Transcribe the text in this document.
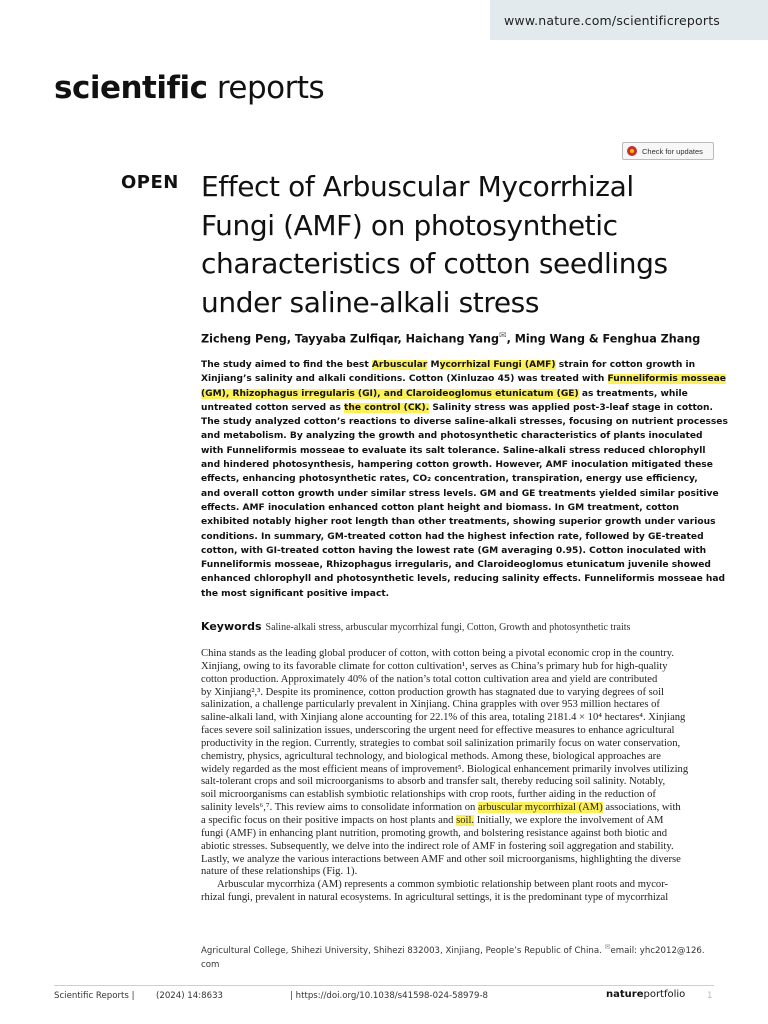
www.nature.com/scientificreports
scientific reports
Check for updates
OPEN Effect of Arbuscular Mycorrhizal
Fungi (AMF) on photosynthetic
characteristics of cotton seedlings
under saline-alkali stress
Zicheng Peng, Tayyaba Zulfiqar, Haichang Yang✉, Ming Wang & Fenghua Zhang
The study aimed to find the best Arbuscular Mycorrhizal Fungi (AMF) strain for cotton growth in
Xinjiang’s salinity and alkali conditions. Cotton (Xinluzao 45) was treated with Funneliformis mosseae
(GM), Rhizophagus irregularis (GI), and Claroideoglomus etunicatum (GE) as treatments, while
untreated cotton served as the control (CK). Salinity stress was applied post-3-leaf stage in cotton.
The study analyzed cotton’s reactions to diverse saline-alkali stresses, focusing on nutrient processes
and metabolism. By analyzing the growth and photosynthetic characteristics of plants inoculated
with Funneliformis mosseae to evaluate its salt tolerance. Saline-alkali stress reduced chlorophyll
and hindered photosynthesis, hampering cotton growth. However, AMF inoculation mitigated these
effects, enhancing photosynthetic rates, CO₂ concentration, transpiration, energy use efficiency,
and overall cotton growth under similar stress levels. GM and GE treatments yielded similar positive
effects. AMF inoculation enhanced cotton plant height and biomass. In GM treatment, cotton
exhibited notably higher root length than other treatments, showing superior growth under various
conditions. In summary, GM-treated cotton had the highest infection rate, followed by GE-treated
cotton, with GI-treated cotton having the lowest rate (GM averaging 0.95). Cotton inoculated with
Funneliformis mosseae, Rhizophagus irregularis, and Claroideoglomus etunicatum juvenile showed
enhanced chlorophyll and photosynthetic levels, reducing salinity effects. Funneliformis mosseae had
the most significant positive impact.
Keywords Saline-alkali stress, arbuscular mycorrhizal fungi, Cotton, Growth and photosynthetic traits
China stands as the leading global producer of cotton, with cotton being a pivotal economic crop in the country.
Xinjiang, owing to its favorable climate for cotton cultivation¹, serves as China’s primary hub for high-quality
cotton production. Approximately 40% of the nation’s total cotton cultivation area and yield are contributed
by Xinjiang²,³. Despite its prominence, cotton production growth has stagnated due to varying degrees of soil
salinization, a challenge particularly prevalent in Xinjiang. China grapples with over 953 million hectares of
saline-alkali land, with Xinjiang alone accounting for 22.1% of this area, totaling 2181.4 × 10⁴ hectares⁴. Xinjiang
faces severe soil salinization issues, underscoring the urgent need for effective measures to enhance agricultural
productivity in the region. Currently, strategies to combat soil salinization primarily focus on water conservation,
chemistry, physics, agricultural technology, and biological methods. Among these, biological approaches are
widely regarded as the most efficient means of improvement⁵. Biological enhancement primarily involves utilizing
salt-tolerant crops and soil microorganisms to absorb and transfer salt, thereby reducing soil salinity. Notably,
soil microorganisms can establish symbiotic relationships with crop roots, further aiding in the reduction of
salinity levels⁶,⁷. This review aims to consolidate information on arbuscular mycorrhizal (AM) associations, with
a specific focus on their positive impacts on host plants and soil. Initially, we explore the involvement of AM
fungi (AMF) in enhancing plant nutrition, promoting growth, and bolstering resistance against both biotic and
abiotic stresses. Subsequently, we delve into the indirect role of AMF in fostering soil aggregation and stability.
Lastly, we analyze the various interactions between AMF and other soil microorganisms, highlighting the diverse
nature of these relationships (Fig. 1).
Arbuscular mycorrhiza (AM) represents a common symbiotic relationship between plant roots and mycor-
rhizal fungi, prevalent in natural ecosystems. In agricultural settings, it is the predominant type of mycorrhizal
Agricultural College, Shihezi University, Shihezi 832003, Xinjiang, People’s Republic of China. ✉email: yhc2012@126.
com
Scientific Reports | (2024) 14:8633	| https://doi.org/10.1038/s41598-024-58979-8	natureportfolio	1
